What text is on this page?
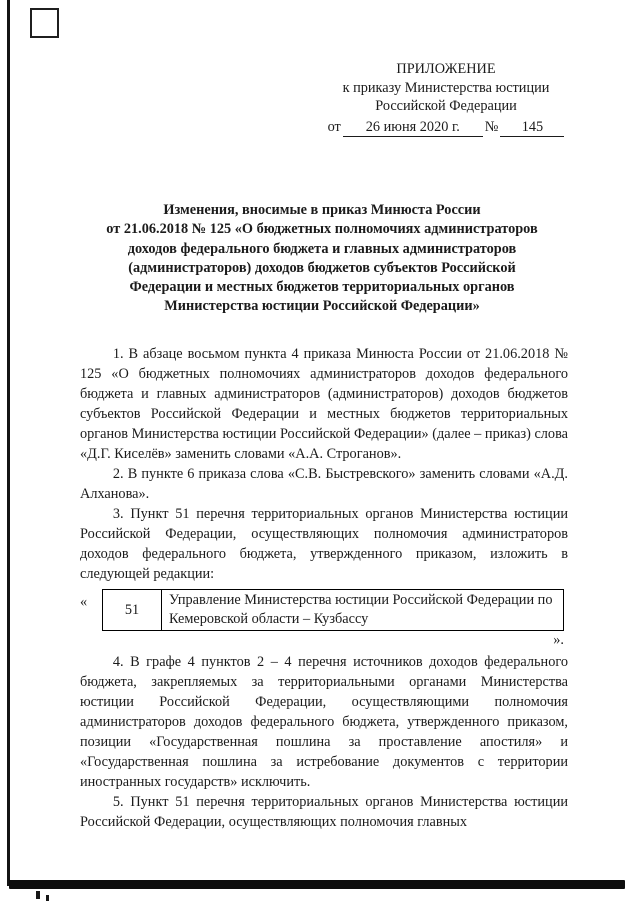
ПРИЛОЖЕНИЕ
к приказу Министерства юстиции
Российской Федерации
от 26 июня 2020 г. № 145
Изменения, вносимые в приказ Минюста России
от 21.06.2018 № 125 «О бюджетных полномочиях администраторов
доходов федерального бюджета и главных администраторов
(администраторов) доходов бюджетов субъектов Российской
Федерации и местных бюджетов территориальных органов
Министерства юстиции Российской Федерации»

1. В абзаце восьмом пункта 4 приказа Минюста России от 21.06.2018 № 125 «О бюджетных полномочиях администраторов доходов федерального бюджета и главных администраторов (администраторов) доходов бюджетов субъектов Российской Федерации и местных бюджетов территориальных органов Министерства юстиции Российской Федерации» (далее – приказ) слова «Д.Г. Киселёв» заменить словами «А.А. Строганов».

2. В пункте 6 приказа слова «С.В. Быстревского» заменить словами «А.Д. Алханова».

3. Пункт 51 перечня территориальных органов Министерства юстиции Российской Федерации, осуществляющих полномочия администраторов доходов федерального бюджета, утвержденного приказом, изложить в следующей редакции:

«	51	Управление Министерства юстиции Российской Федерации по Кемеровской области – Кузбассу
».

4. В графе 4 пунктов 2 – 4 перечня источников доходов федерального бюджета, закрепляемых за территориальными органами Министерства юстиции Российской Федерации, осуществляющими полномочия администраторов доходов федерального бюджета, утвержденного приказом, позиции «Государственная пошлина за проставление апостиля» и «Государственная пошлина за истребование документов с территории иностранных государств» исключить.

5. Пункт 51 перечня территориальных органов Министерства юстиции Российской Федерации, осуществляющих полномочия главных
